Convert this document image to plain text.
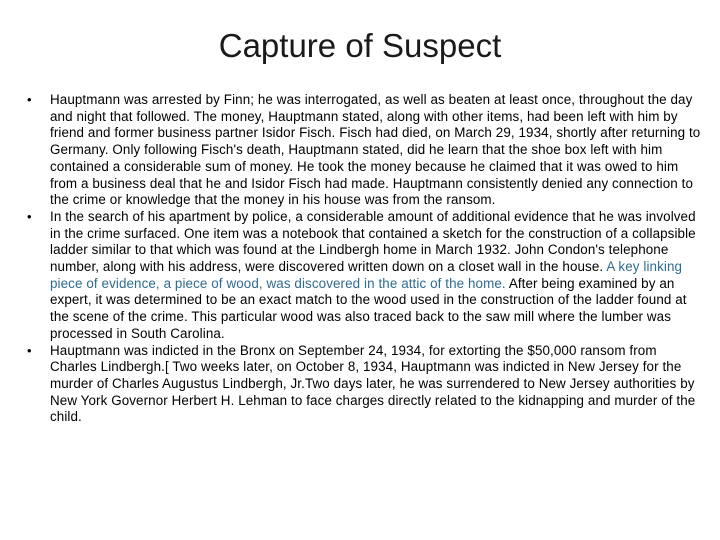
Capture of Suspect
• Hauptmann was arrested by Finn; he was interrogated, as well as beaten at least once, throughout the day and night that followed. The money, Hauptmann stated, along with other items, had been left with him by friend and former business partner Isidor Fisch. Fisch had died, on March 29, 1934, shortly after returning to Germany. Only following Fisch's death, Hauptmann stated, did he learn that the shoe box left with him contained a considerable sum of money. He took the money because he claimed that it was owed to him from a business deal that he and Isidor Fisch had made. Hauptmann consistently denied any connection to the crime or knowledge that the money in his house was from the ransom.
• In the search of his apartment by police, a considerable amount of additional evidence that he was involved in the crime surfaced. One item was a notebook that contained a sketch for the construction of a collapsible ladder similar to that which was found at the Lindbergh home in March 1932. John Condon's telephone number, along with his address, were discovered written down on a closet wall in the house. A key linking piece of evidence, a piece of wood, was discovered in the attic of the home. After being examined by an expert, it was determined to be an exact match to the wood used in the construction of the ladder found at the scene of the crime. This particular wood was also traced back to the saw mill where the lumber was processed in South Carolina.
• Hauptmann was indicted in the Bronx on September 24, 1934, for extorting the $50,000 ransom from Charles Lindbergh.[ Two weeks later, on October 8, 1934, Hauptmann was indicted in New Jersey for the murder of Charles Augustus Lindbergh, Jr.Two days later, he was surrendered to New Jersey authorities by New York Governor Herbert H. Lehman to face charges directly related to the kidnapping and murder of the child.
